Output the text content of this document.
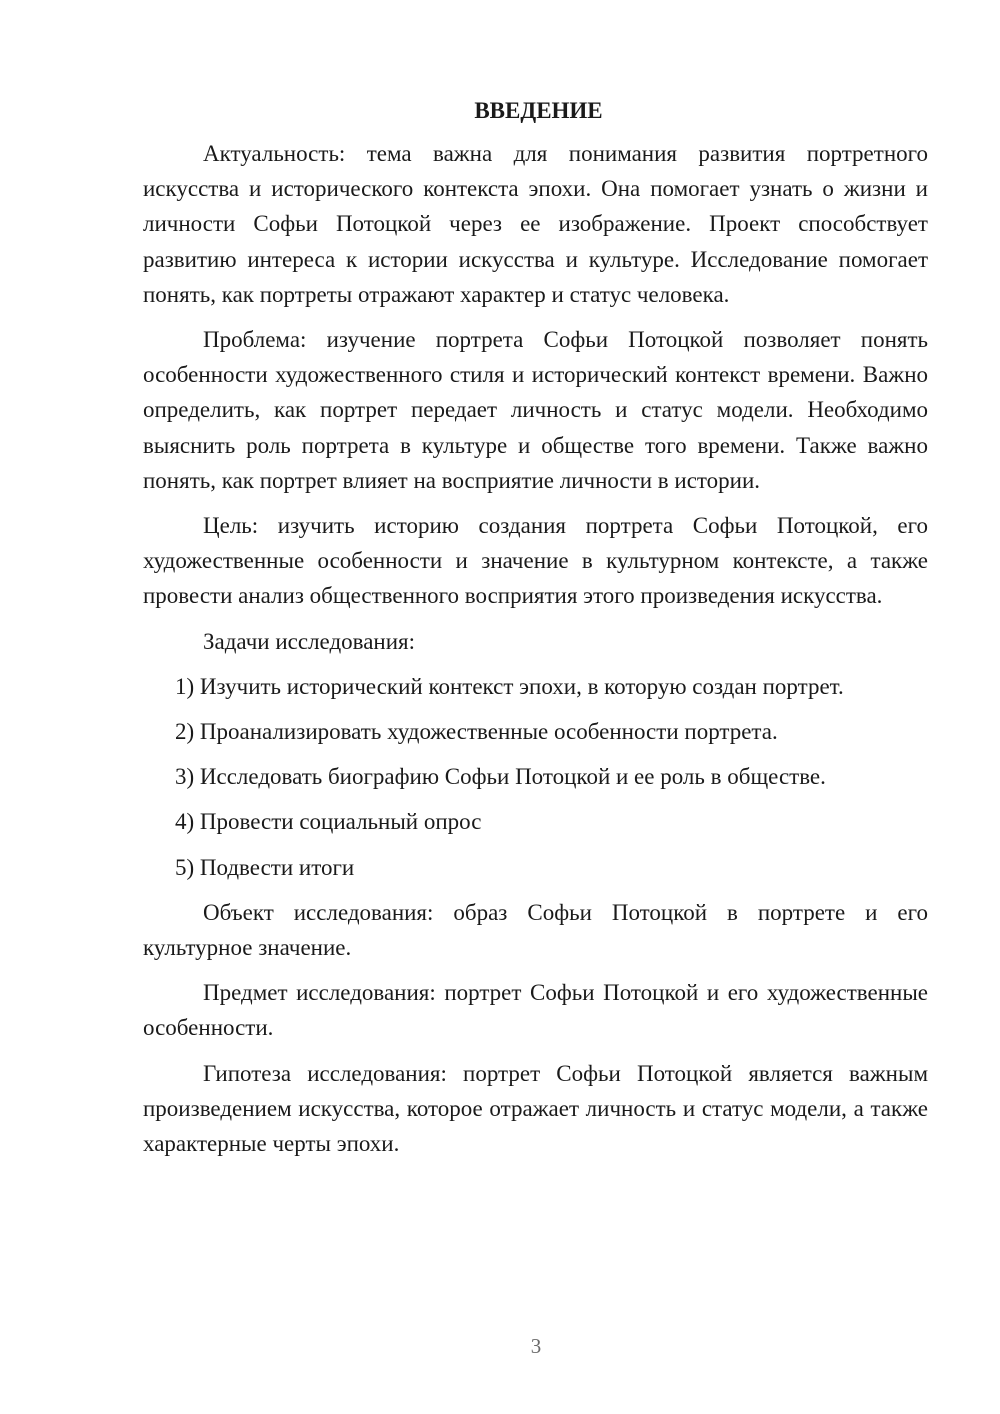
ВВЕДЕНИЕ

Актуальность: тема важна для понимания развития портретного искусства и исторического контекста эпохи. Она помогает узнать о жизни и личности Софьи Потоцкой через ее изображение. Проект способствует развитию интереса к истории искусства и культуре. Исследование помогает понять, как портреты отражают характер и статус человека.

Проблема: изучение портрета Софьи Потоцкой позволяет понять особенности художественного стиля и исторический контекст времени. Важно определить, как портрет передает личность и статус модели. Необходимо выяснить роль портрета в культуре и обществе того времени. Также важно понять, как портрет влияет на восприятие личности в истории.

Цель: изучить историю создания портрета Софьи Потоцкой, его художественные особенности и значение в культурном контексте, а также провести анализ общественного восприятия этого произведения искусства.

Задачи исследования:

1) Изучить исторический контекст эпохи, в которую создан портрет.

2) Проанализировать художественные особенности портрета.

3) Исследовать биографию Софьи Потоцкой и ее роль в обществе.

4) Провести социальный опрос

5) Подвести итоги

Объект исследования: образ Софьи Потоцкой в портрете и его культурное значение.

Предмет исследования: портрет Софьи Потоцкой и его художественные особенности.

Гипотеза исследования: портрет Софьи Потоцкой является важным произведением искусства, которое отражает личность и статус модели, а также характерные черты эпохи.

3
